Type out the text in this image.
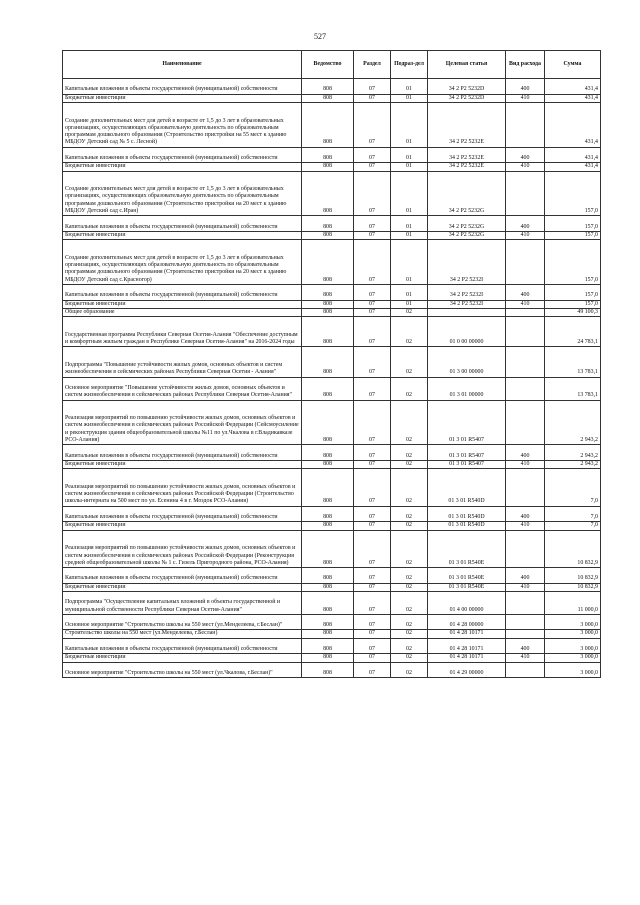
527
Наименование	Ведомство	Раздел	Подраз-дел	Целевая статья	Вид расхода	Сумма
Капитальные вложения в объекты государственной (муниципальной) собственности	808	07	01	34 2 P2 5232D	400	431,4
Бюджетные инвестиции	808	07	01	34 2 P2 5232D	410	431,4
Создание дополнительных мест для детей в возрасте от 1,5 до 3 лет в образовательных организациях, осуществляющих образовательную деятельность по образовательным программам дошкольного образования (Строительство пристройки на 55 мест к зданию МБДОУ Детский сад № 5 с. Лесной)	808	07	01	34 2 P2 5232E		431,4
Капитальные вложения в объекты государственной (муниципальной) собственности	808	07	01	34 2 P2 5232E	400	431,4
Бюджетные инвестиции	808	07	01	34 2 P2 5232E	410	431,4
Создание дополнительных мест для детей в возрасте от 1,5 до 3 лет в образовательных организациях, осуществляющих образовательную деятельность по образовательным программам дошкольного образования (Строительство пристройки на 20 мест к зданию МБДОУ Детский сад с.Ирaн)	808	07	01	34 2 P2 5232G		157,0
Капитальные вложения в объекты государственной (муниципальной) собственности	808	07	01	34 2 P2 5232G	400	157,0
Бюджетные инвестиции	808	07	01	34 2 P2 5232G	410	157,0
Создание дополнительных мест для детей в возрасте от 1,5 до 3 лет в образовательных организациях, осуществляющих образовательную деятельность по образовательным программам дошкольного образования (Строительство пристройки на 20 мест к зданию МБДОУ Детский сад с.Красногор)	808	07	01	34 2 P2 5232I		157,0
Капитальные вложения в объекты государственной (муниципальной) собственности	808	07	01	34 2 P2 5232I	400	157,0
Бюджетные инвестиции	808	07	01	34 2 P2 5232I	410	157,0
Общее образование	808	07	02			49 100,3
Государственная программа Республики Северная Осетия-Алания "Обеспечение доступным и комфортным жильем граждан в Республике Северная Осетия-Алания" на 2016-2024 годы	808	07	02	01 0 00 00000		24 783,1
Подпрограмма "Повышение устойчивости жилых домов, основных объектов и систем жизнеобеспечения в сейсмических районах Республики Северная Осетия - Алания"	808	07	02	01 3 00 00000		13 783,1
Основное мероприятие "Повышение устойчивости жилых домов, основных объектов и систем жизнеобеспечения в сейсмических районах Республики Северная Осетия-Алания"	808	07	02	01 3 01 00000		13 783,1
Реализация мероприятий по повышению устойчивости жилых домов, основных объектов и систем жизнеобеспечения в сейсмических районах Российской Федерации (Сейсмоусиление и реконструкция здания общеобразовательной школы №11 по ул.Чкалова в г.Владикавказе РСО-Алания)	808	07	02	01 3 01 R5407		2 943,2
Капитальные вложения в объекты государственной (муниципальной) собственности	808	07	02	01 3 01 R5407	400	2 943,2
Бюджетные инвестиции	808	07	02	01 3 01 R5407	410	2 943,2
Реализация мероприятий по повышению устойчивости жилых домов, основных объектов и систем жизнеобеспечения в сейсмических районах Российской Федерации (Строительство школы-интерната на 500 мест по ул. Есенина 4 в г. Моздок РСО-Алания)	808	07	02	01 3 01 R540D		7,0
Капитальные вложения в объекты государственной (муниципальной) собственности	808	07	02	01 3 01 R540D	400	7,0
Бюджетные инвестиции	808	07	02	01 3 01 R540D	410	7,0
Реализация мероприятий по повышению устойчивости жилых домов, основных объектов и систем жизнеобеспечения в сейсмических районах Российской Федерации (Реконструкция средней общеобразовательной школы № 1 с. Гизель Пригородного района, РСО-Алания)	808	07	02	01 3 01 R540E		10 832,9
Капитальные вложения в объекты государственной (муниципальной) собственности	808	07	02	01 3 01 R540E	400	10 832,9
Бюджетные инвестиции	808	07	02	01 3 01 R540E	410	10 832,9
Подпрограмма "Осуществление капитальных вложений в объекты государственной и муниципальной собственности Республики Северная Осетия-Алания"	808	07	02	01 4 00 00000		11 000,0
Основное мероприятие "Строительство школы на 550 мест (ул.Менделеева, г.Беслан)"	808	07	02	01 4 28 00000		3 000,0
Строительство школы на 550 мест (ул.Менделеева, г.Беслан)	808	07	02	01 4 28 10171		3 000,0
Капитальные вложения в объекты государственной (муниципальной) собственности	808	07	02	01 4 28 10171	400	3 000,0
Бюджетные инвестиции	808	07	02	01 4 28 10171	410	3 000,0
Основное мероприятие "Строительство школы на 550 мест (ул.Чкалова, г.Беслан)"	808	07	02	01 4 29 00000		3 000,0
